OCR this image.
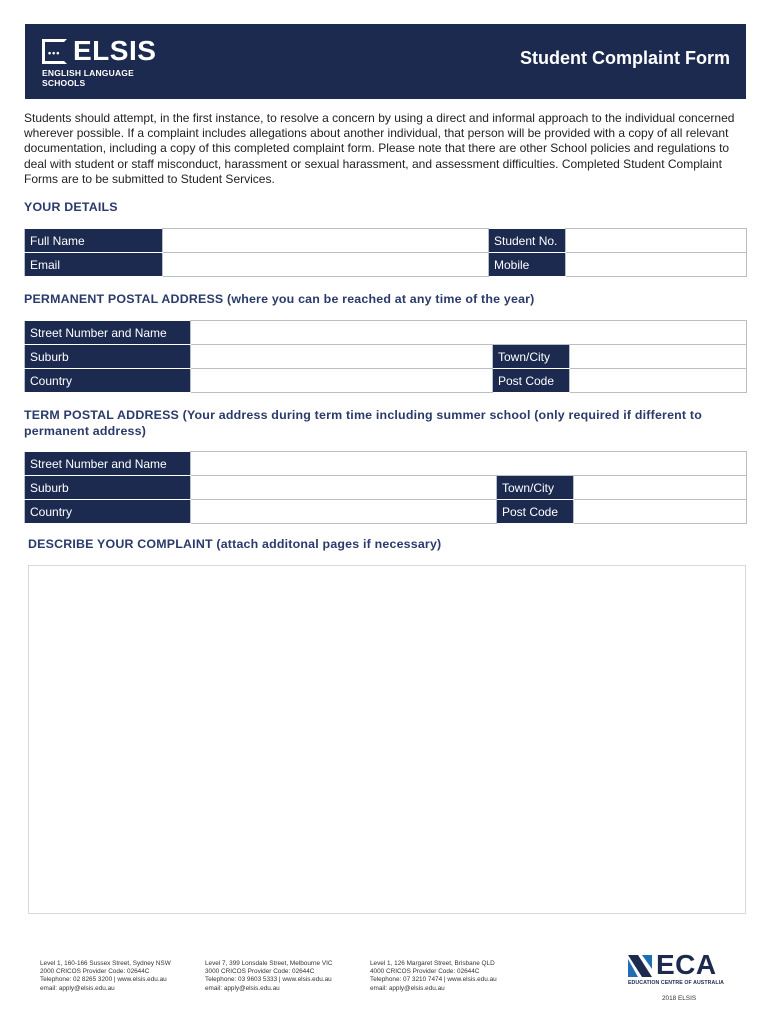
••• ELSIS
ENGLISH LANGUAGE
SCHOOLS
Student Complaint Form

Students should attempt, in the first instance, to resolve a concern by using a direct and informal approach to the individual concerned wherever possible. If a complaint includes allegations about another individual, that person will be provided with a copy of all relevant documentation, including a copy of this completed complaint form. Please note that there are other School policies and regulations to deal with student or staff misconduct, harassment or sexual harassment, and assessment difficulties. Completed Student Complaint Forms are to be submitted to Student Services.

YOUR DETAILS
Full Name		Student No.	
Email		Mobile	
PERMANENT POSTAL ADDRESS (where you can be reached at any time of the year)
Street Number and Name			
Suburb		Town/City	
Country		Post Code	
TERM POSTAL ADDRESS (Your address during term time including summer school (only required if different to permanent address)
Street Number and Name			
Suburb		Town/City	
Country		Post Code	
DESCRIBE YOUR COMPLAINT (attach additonal pages if necessary)
Level 1, 160-166 Sussex Street, Sydney NSW
2000 CRICOS Provider Code: 02644C
Telephone: 02 8265 3200 | www.elsis.edu.au
email: apply@elsis.edu.au
Level 7, 399 Lonsdale Street, Melbourne VIC
3000 CRICOS Provider Code: 02644C
Telephone: 03 9603 5333 | www.elsis.edu.au
email: apply@elsis.edu.au
Level 1, 126 Margaret Street, Brisbane QLD
4000 CRICOS Provider Code: 02644C
Telephone: 07 3210 7474 | www.elsis.edu.au
email: apply@elsis.edu.au
ECA
EDUCATION CENTRE OF AUSTRALIA
2018 ELSIS
